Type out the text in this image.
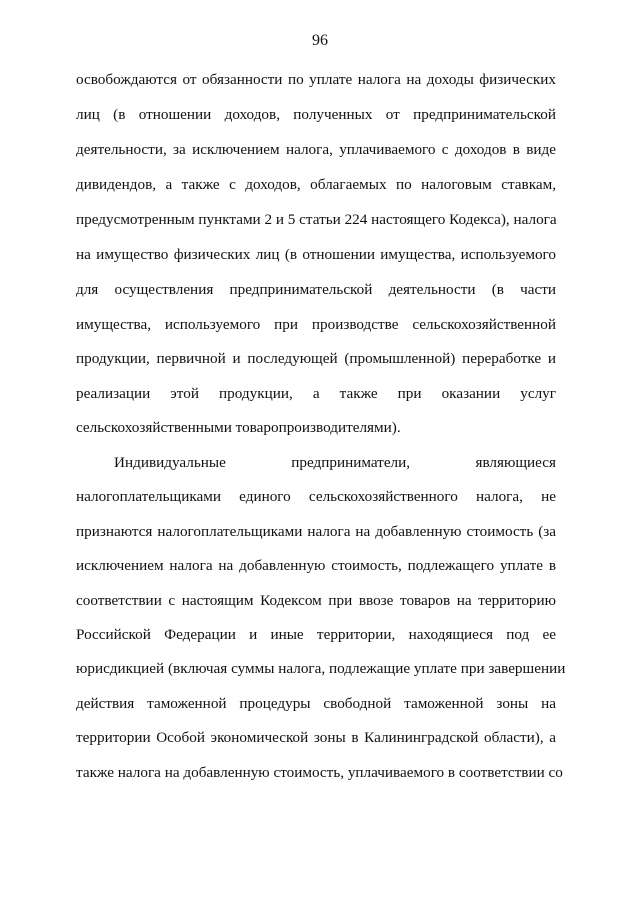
96
освобождаются от обязанности по уплате налога на доходы физических
лиц (в отношении доходов, полученных от предпринимательской
деятельности, за исключением налога, уплачиваемого с доходов в виде
дивидендов, а также с доходов, облагаемых по налоговым ставкам,
предусмотренным пунктами 2 и 5 статьи 224 настоящего Кодекса), налога
на имущество физических лиц (в отношении имущества, используемого
для осуществления предпринимательской деятельности (в части
имущества, используемого при производстве сельскохозяйственной
продукции, первичной и последующей (промышленной) переработке и
реализации этой продукции, а также при оказании услуг
сельскохозяйственными товаропроизводителями).
Индивидуальные предприниматели, являющиеся
налогоплательщиками единого сельскохозяйственного налога, не
признаются налогоплательщиками налога на добавленную стоимость (за
исключением налога на добавленную стоимость, подлежащего уплате в
соответствии с настоящим Кодексом при ввозе товаров на территорию
Российской Федерации и иные территории, находящиеся под ее
юрисдикцией (включая суммы налога, подлежащие уплате при завершении
действия таможенной процедуры свободной таможенной зоны на
территории Особой экономической зоны в Калининградской области), а
также налога на добавленную стоимость, уплачиваемого в соответствии со
